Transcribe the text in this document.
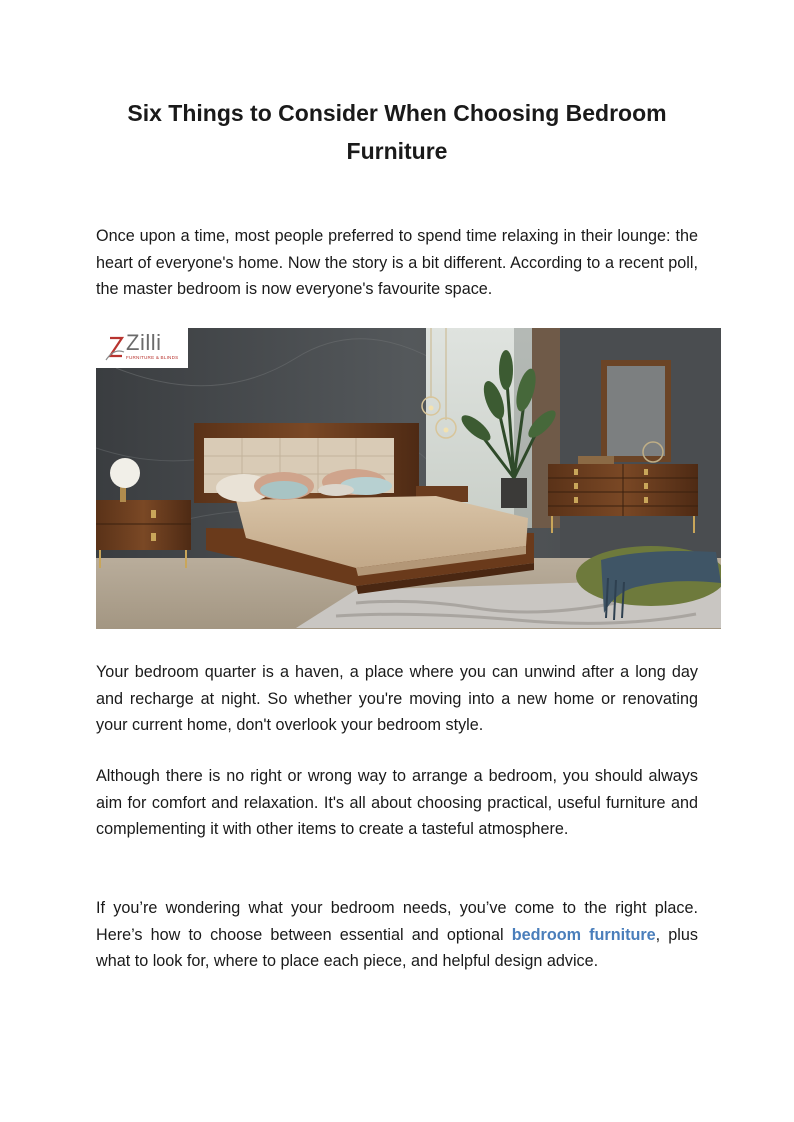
Six Things to Consider When Choosing Bedroom Furniture

Once upon a time, most people preferred to spend time relaxing in their lounge: the heart of everyone's home. Now the story is a bit different. According to a recent poll, the master bedroom is now everyone's favourite space.

Zilli
FURNITURE & BLINDS

Your bedroom quarter is a haven, a place where you can unwind after a long day and recharge at night. So whether you're moving into a new home or renovating your current home, don't overlook your bedroom style.

Although there is no right or wrong way to arrange a bedroom, you should always aim for comfort and relaxation. It's all about choosing practical, useful furniture and complementing it with other items to create a tasteful atmosphere.

If you’re wondering what your bedroom needs, you’ve come to the right place. Here’s how to choose between essential and optional bedroom furniture, plus what to look for, where to place each piece, and helpful design advice.
